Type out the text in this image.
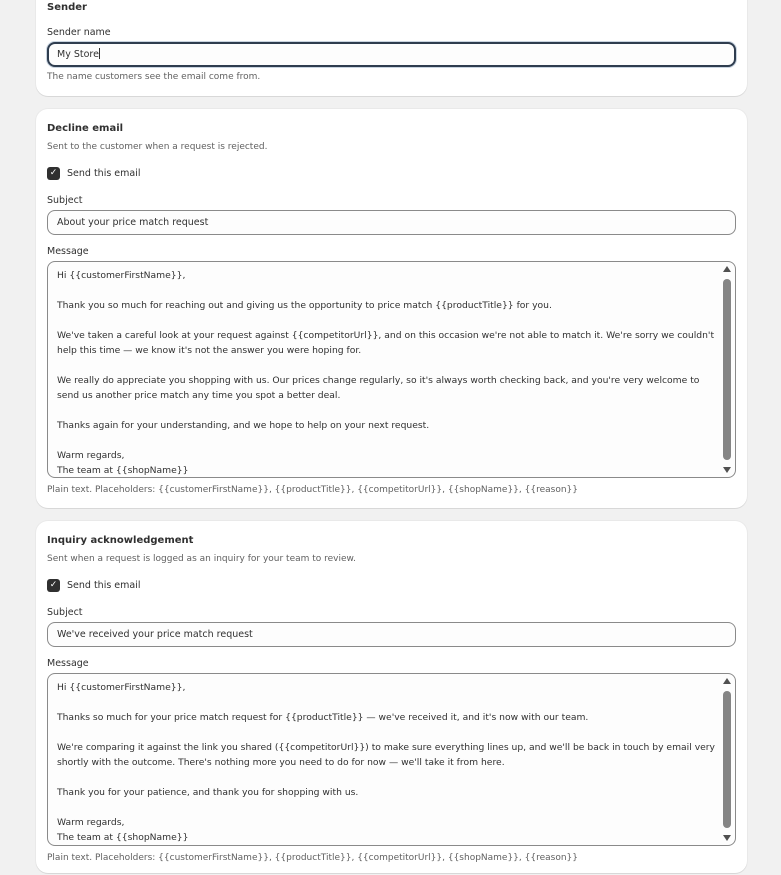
Sender
Sender name
My Store
The name customers see the email come from.
Decline email
Sent to the customer when a request is rejected.
✓ Send this email
Subject
About your price match request
Message
Hi {{customerFirstName}},

Thank you so much for reaching out and giving us the opportunity to price match {{productTitle}} for you.

We've taken a careful look at your request against {{competitorUrl}}, and on this occasion we're not able to match it. We're sorry we couldn't help this time — we know it's not the answer you were hoping for.

We really do appreciate you shopping with us. Our prices change regularly, so it's always worth checking back, and you're very welcome to send us another price match any time you spot a better deal.

Thanks again for your understanding, and we hope to help on your next request.

Warm regards,
The team at {{shopName}}
Plain text. Placeholders: {{customerFirstName}}, {{productTitle}}, {{competitorUrl}}, {{shopName}}, {{reason}}
Inquiry acknowledgement
Sent when a request is logged as an inquiry for your team to review.
✓ Send this email
Subject
We've received your price match request
Message
Hi {{customerFirstName}},

Thanks so much for your price match request for {{productTitle}} — we've received it, and it's now with our team.

We're comparing it against the link you shared ({{competitorUrl}}) to make sure everything lines up, and we'll be back in touch by email very shortly with the outcome. There's nothing more you need to do for now — we'll take it from here.

Thank you for your patience, and thank you for shopping with us.

Warm regards,
The team at {{shopName}}
Plain text. Placeholders: {{customerFirstName}}, {{productTitle}}, {{competitorUrl}}, {{shopName}}, {{reason}}
